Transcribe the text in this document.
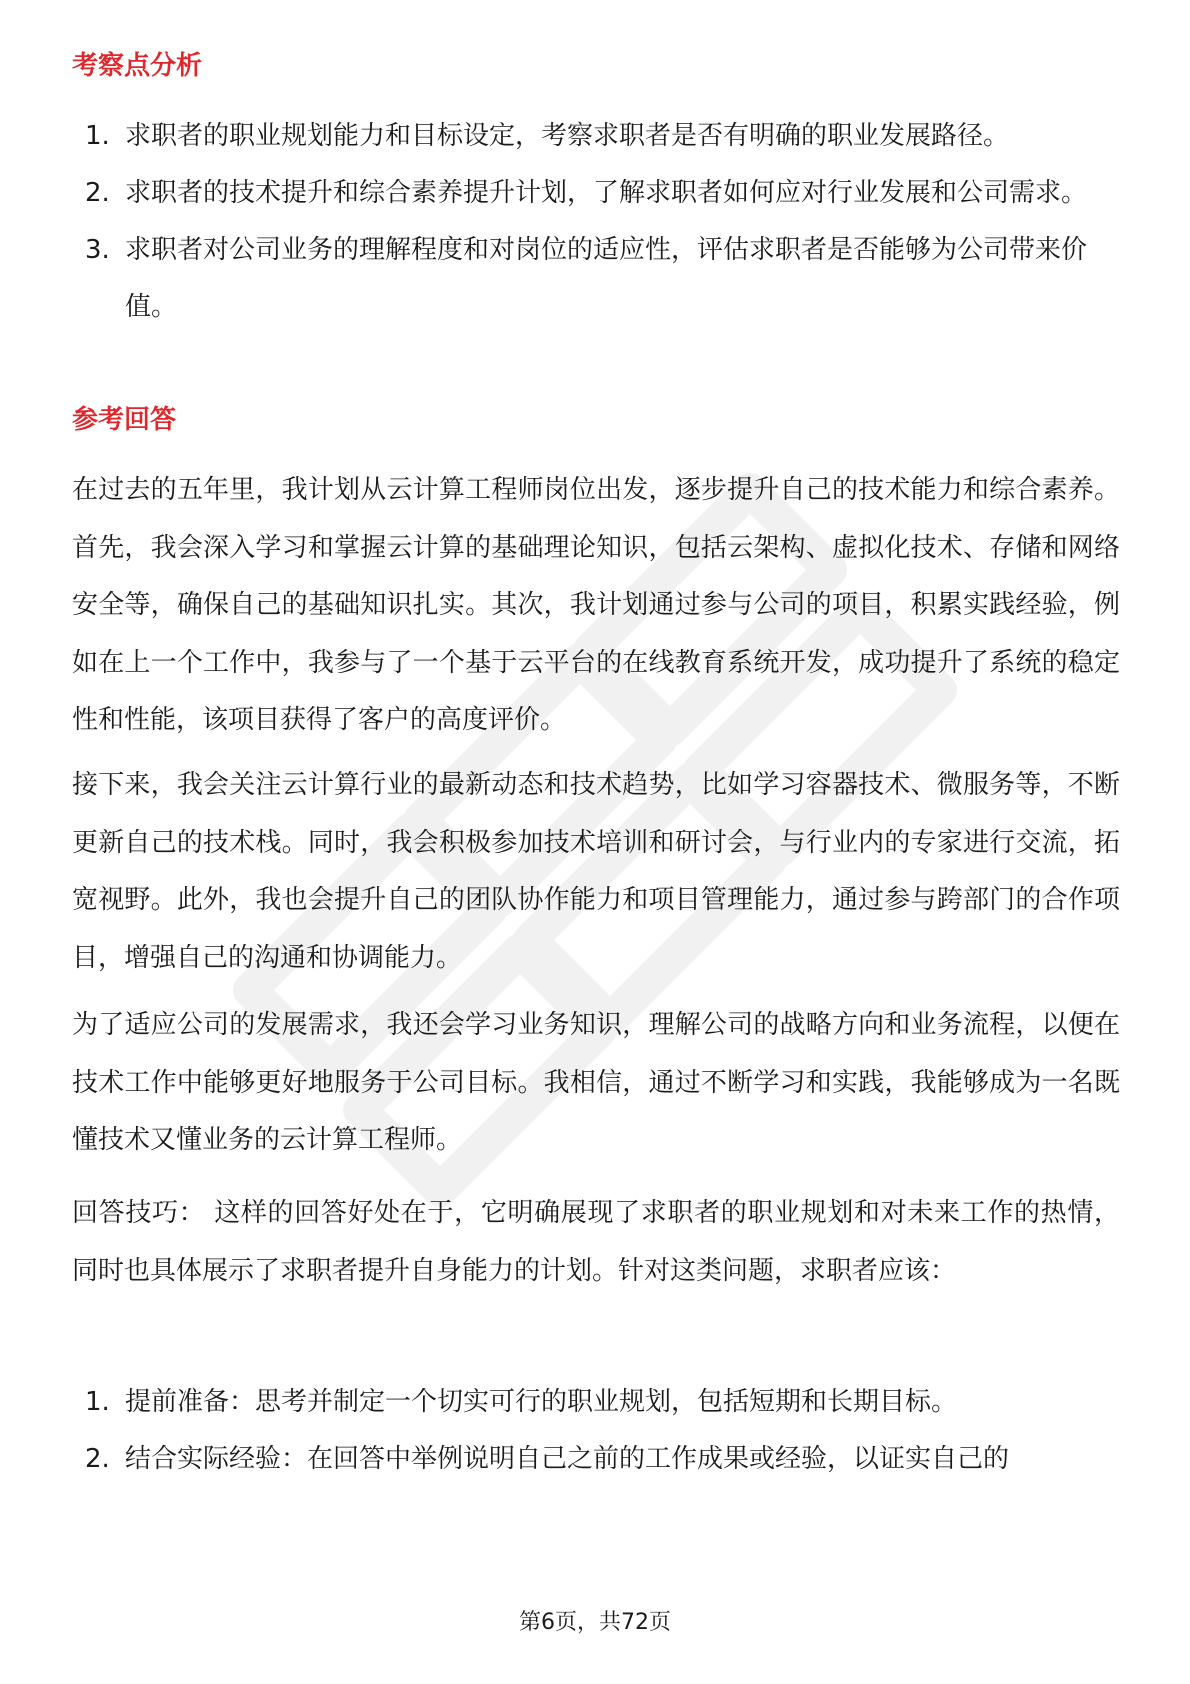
考察点分析
1. 求职者的职业规划能力和目标设定，考察求职者是否有明确的职业发展路径。
2. 求职者的技术提升和综合素养提升计划，了解求职者如何应对行业发展和公司需求。
3. 求职者对公司业务的理解程度和对岗位的适应性，评估求职者是否能够为公司带来价值。
参考回答

在过去的五年里，我计划从云计算工程师岗位出发，逐步提升自己的技术能力和综合素养。首先，我会深入学习和掌握云计算的基础理论知识，包括云架构、虚拟化技术、存储和网络安全等，确保自己的基础知识扎实。其次，我计划通过参与公司的项目，积累实践经验，例如在上一个工作中，我参与了一个基于云平台的在线教育系统开发，成功提升了系统的稳定性和性能，该项目获得了客户的高度评价。

接下来，我会关注云计算行业的最新动态和技术趋势，比如学习容器技术、微服务等，不断更新自己的技术栈。同时，我会积极参加技术培训和研讨会，与行业内的专家进行交流，拓宽视野。此外，我也会提升自己的团队协作能力和项目管理能力，通过参与跨部门的合作项目，增强自己的沟通和协调能力。

为了适应公司的发展需求，我还会学习业务知识，理解公司的战略方向和业务流程，以便在技术工作中能够更好地服务于公司目标。我相信，通过不断学习和实践，我能够成为一名既懂技术又懂业务的云计算工程师。

回答技巧： 这样的回答好处在于，它明确展现了求职者的职业规划和对未来工作的热情，同时也具体展示了求职者提升自身能力的计划。针对这类问题，求职者应该：

1. 提前准备：思考并制定一个切实可行的职业规划，包括短期和长期目标。
2. 结合实际经验：在回答中举例说明自己之前的工作成果或经验，以证实自己的
第6页，共72页
